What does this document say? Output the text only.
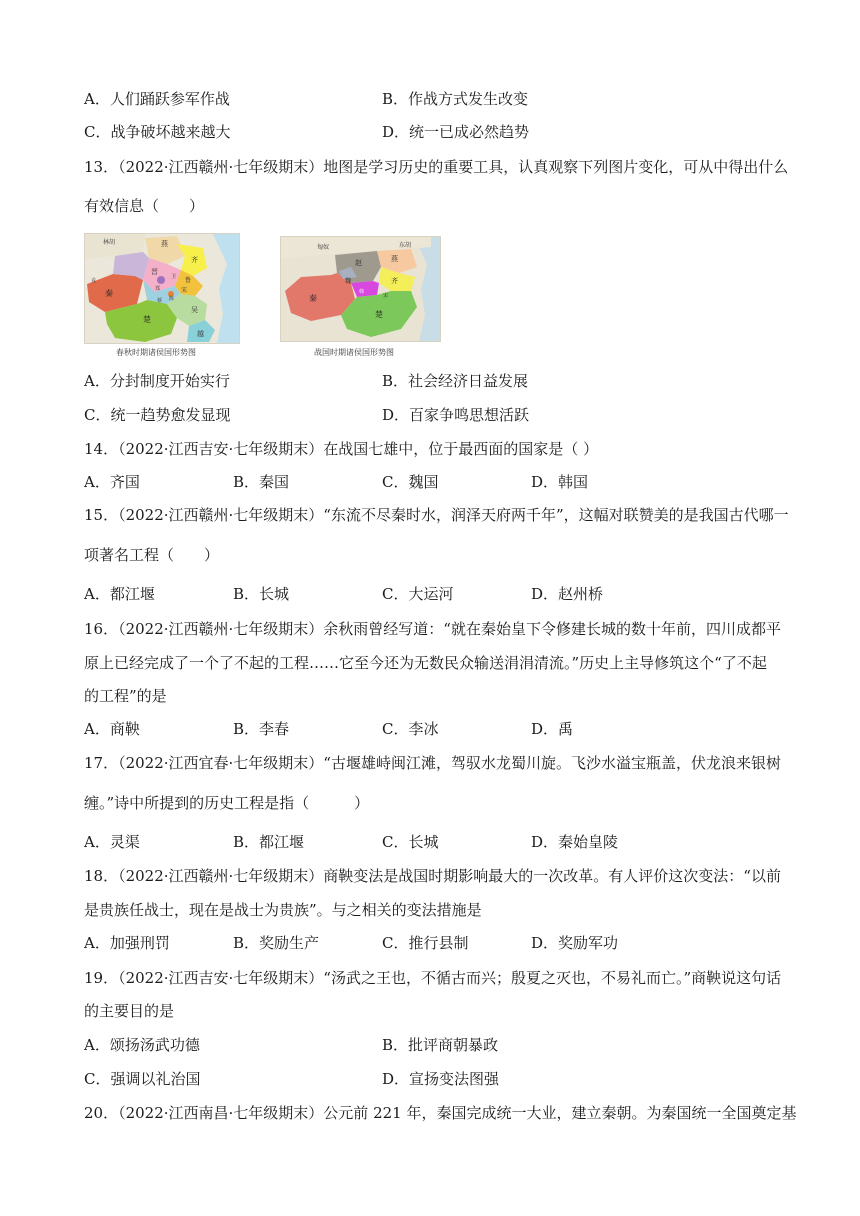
A．人们踊跃参军作战	B．作战方式发生改变
C．战争破坏越来越大	D．统一已成必然趋势
13．（2022·江西赣州·七年级期末）地图是学习历史的重要工具，认真观察下列图片变化，可从中得出什么
有效信息（　　）
林胡	燕
齐
晋
秦
鲁
宋
楚
吴
越
卫
戎
郑
陈
蔡
春秋时期诸侯国形势图
匈奴	东胡
燕
赵
魏	齐
秦
韩
楚
宋
战国时期诸侯国形势图
A．分封制度开始实行	B．社会经济日益发展
C．统一趋势愈发显现	D．百家争鸣思想活跃
14．（2022·江西吉安·七年级期末）在战国七雄中，位于最西面的国家是（ ）
A．齐国	B．秦国	C．魏国	D．韩国
15．（2022·江西赣州·七年级期末）“东流不尽秦时水，润泽天府两千年”，这幅对联赞美的是我国古代哪一
项著名工程（　　）
A．都江堰	B．长城	C．大运河	D．赵州桥
16．（2022·江西赣州·七年级期末）余秋雨曾经写道：“就在秦始皇下令修建长城的数十年前，四川成都平
原上已经完成了一个了不起的工程……它至今还为无数民众输送涓涓清流。”历史上主导修筑这个“了不起
的工程”的是
A．商鞅	B．李春	C．李冰	D．禹
17．（2022·江西宜春·七年级期末）“古堰雄峙闽江滩，驾驭水龙蜀川旋。飞沙水溢宝瓶盖，伏龙浪来银树
缠。”诗中所提到的历史工程是指（　　　）
A．灵渠	B．都江堰	C．长城	D．秦始皇陵
18．（2022·江西赣州·七年级期末）商鞅变法是战国时期影响最大的一次改革。有人评价这次变法：“以前
是贵族任战士，现在是战士为贵族”。与之相关的变法措施是
A．加强刑罚	B．奖励生产	C．推行县制	D．奖励军功
19．（2022·江西吉安·七年级期末）“汤武之王也，不循古而兴；殷夏之灭也，不易礼而亡。”商鞅说这句话
的主要目的是
A．颂扬汤武功德	B．批评商朝暴政
C．强调以礼治国	D．宣扬变法图强
20．（2022·江西南昌·七年级期末）公元前 221 年，秦国完成统一大业，建立秦朝。为秦国统一全国奠定基
